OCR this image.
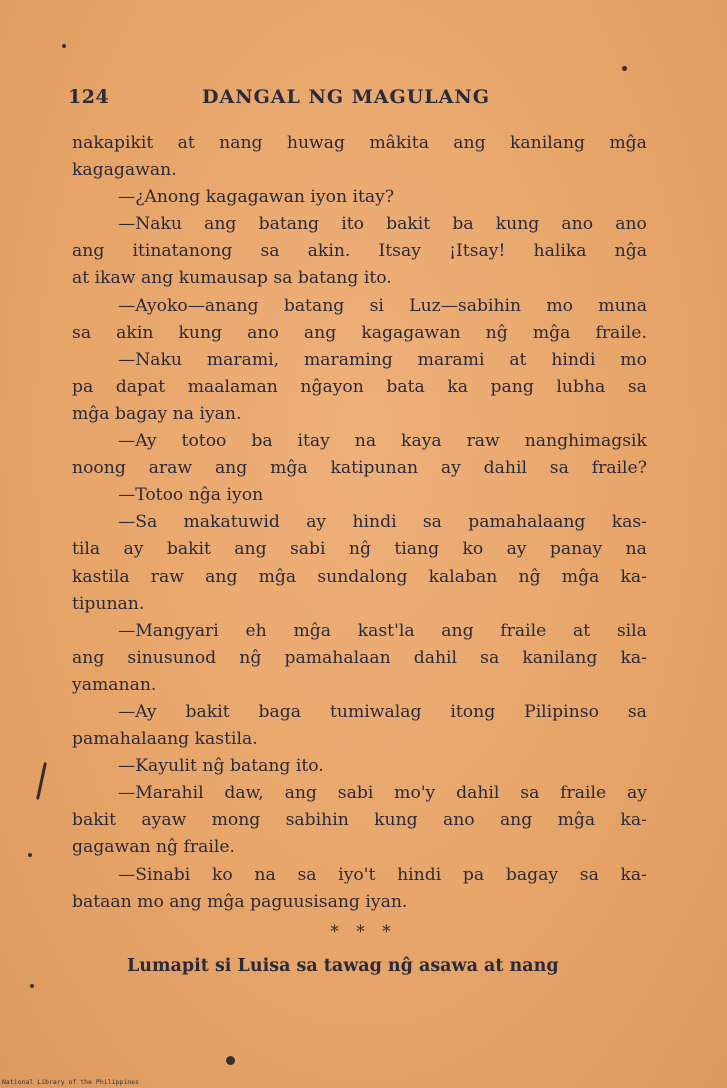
124	DANGAL NG MAGULANG
nakapikit at nang huwag mâkita ang kanilang mĝa
kagagawan.
—¿Anong kagagawan iyon itay?
—Naku ang batang ito bakit ba kung ano ano
ang itinatanong sa akin. Itsay ¡Itsay! halika nĝa
at ikaw ang kumausap sa batang ito.
—Ayoko—anang batang si Luz—sabihin mo muna
sa akin kung ano ang kagagawan nĝ mĝa fraile.
—Naku marami, maraming marami at hindi mo
pa dapat maalaman nĝayon bata ka pang lubha sa
mĝa bagay na iyan.
—Ay totoo ba itay na kaya raw nanghimagsik
noong araw ang mĝa katipunan ay dahil sa fraile?
—Totoo nĝa iyon
—Sa makatuwid ay hindi sa pamahalaang kas-
tila ay bakit ang sabi nĝ tiang ko ay panay na
kastila raw ang mĝa sundalong kalaban nĝ mĝa ka-
tipunan.
—Mangyari eh mĝa kast'la ang fraile at sila
ang sinusunod nĝ pamahalaan dahil sa kanilang ka-
yamanan.
—Ay bakit baga tumiwalag itong Pilipinso sa
pamahalaang kastila.
—Kayulit nĝ batang ito.
—Marahil daw, ang sabi mo'y dahil sa fraile ay
bakit ayaw mong sabihin kung ano ang mĝa ka-
gagawan nĝ fraile.
—Sinabi ko na sa iyo't hindi pa bagay sa ka-
bataan mo ang mĝa paguusisang iyan.
* * *
Lumapit si Luisa sa tawag nĝ asawa at nang
National Library of the Philippines
